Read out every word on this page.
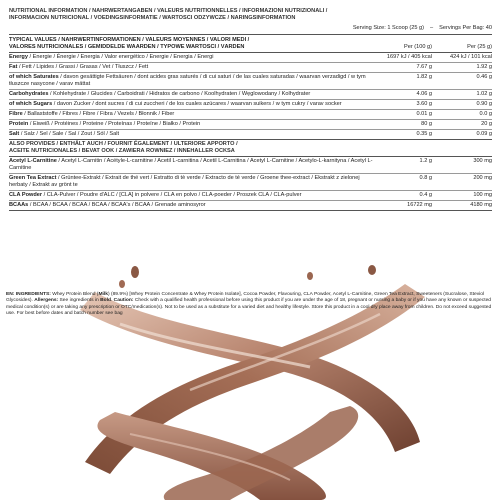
NUTRITIONAL INFORMATION / NÄHRWERTANGABEN / VALEURS NUTRITIONNELLES / INFORMAZIONI NUTRIZIONALI /
INFORMACIÓN NUTRICIONAL / VOEDINGSINFORMATIE / WARTOŚCI ODŻYWCZE / NÄRINGSINFORMATION
Serving Size: 1 Scoop (25 g) – Servings Per Bag: 40
TYPICAL VALUES / NÄHRWERTINFORMATIONEN / VALEURS MOYENNES / VALORI MEDI /
VALORES NUTRICIONALES / GEMIDDELDE WAARDEN / TYPOWE WARTOŚCI / VÄRDEN	Per (100 g)	Per (25 g)
Energy / Energie / Énergie / Energia / Valor energético / Energie / Energia / Energi	1697 kJ / 405 kcal	424 kJ / 101 kcal
Fat / Fett / Lipides / Grassi / Grasas / Vet / Tłuszcz / Fett	7.67 g	1.92 g
of which Saturates / davon gesättigte Fettsäuren / dont acides gras saturés / di cui saturi / de las cuales saturadas / waarvan verzadigd / w tym tłuszcze nasycone / varav mättat
1.82 g	0.46 g
Carbohydrates / Kohlehydrate / Glucides / Carboidrati / Hidratos de carbono / Koolhydraten / Węglowodany / Kolhydrater	4.06 g	1.02 g
of which Sugars / davon Zucker / dont sucres / di cui zuccheri / de los cuales azúcares / waarvan suikers / w tym cukry / varav socker	3.60 g	0.90 g
Fibre / Ballaststoffe / Fibres / Fibre / Fibra / Vezels / Błonnik / Fiber	0.01 g	0.0 g
Protein / Eiweiß / Protéines / Proteine / Proteínas / Proteïne / Białko / Protein	80 g	20 g
Salt / Salz / Sel / Sale / Sal / Zout / Sól / Salt	0.35 g	0.09 g
ALSO PROVIDES / ENTHÄLT AUCH / FOURNIT ÉGALEMENT / ULTERIORE APPORTO /
ACEITE NUTRICIONALES / BEVAT OOK / ZAWIERA RÓWNIEŻ / INNEHÅLLER OCKSÅ
Acetyl L-Carnitine / Acetyl L-Carnitin / Acétyle-L-carnitine / Acetil L-carnitina / Acetil L-Carnitina / Acetyl L-Carnitine / Acetylo-L-karnityna / Acetyl L-Carnitine
1.2 g	300 mg
Green Tea Extract / Grüntee-Extrakt / Extrait de thé vert / Estratto di tè verde / Extracto de té verde / Groene thee-extract / Ekstrakt z zielonej herbaty / Extrakt av grönt te
0.8 g	200 mg
CLA Powder / CLA-Pulver / Poudre d'ALC / [CLA] in polvere / CLA en polvo / CLA-poeder / Proszek CLA / CLA-pulver	0.4 g	100 mg
BCAAs / BCAA / BCAA / BCAA / BCAA / BCAA's / BCAA / Grenade aminosyror	16722 mg	4180 mg
EN: INGREDIENTS: Whey Protein Blend (Milk) (89.9%) [Whey Protein Concentrate & Whey Protein Isolate], Cocoa Powder, Flavouring, CLA Powder, Acetyl L-Carnitine, Green Tea Extract, Sweeteners (Sucralose, Steviol Glycosides). Allergens: See ingredients in Bold. Caution: Check with a qualified health professional before using this product if you are under the age of 18, pregnant or nursing a baby or if you have any known or suspected medical condition(s) or are taking any prescription or OTC/medication(s). Not to be used as a substitute for a varied diet and healthy lifestyle. Store this product in a cool dry place away from children. Do not exceed suggested use. For best before dates and batch number see bag
